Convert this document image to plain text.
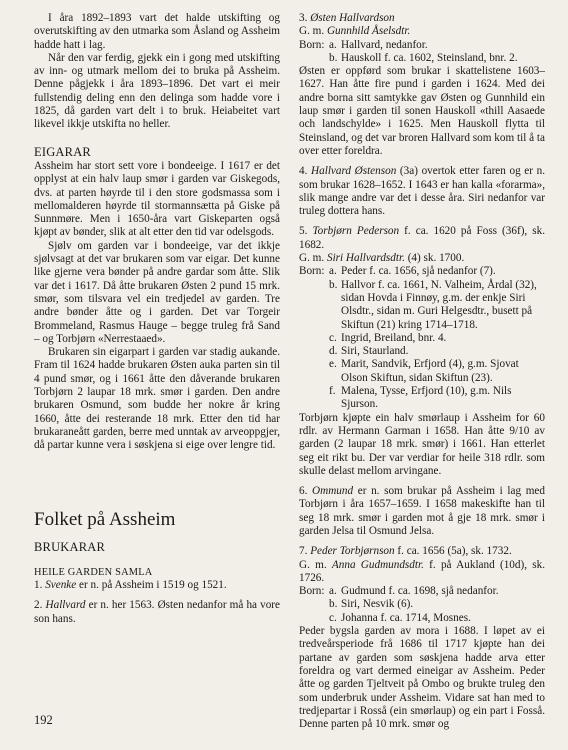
I åra 1892–1893 vart det halde utskifting og overutskifting av den utmarka som Åsland og Assheim hadde hatt i lag.

Når den var ferdig, gjekk ein i gong med utskifting av inn- og utmark mellom dei to bruka på Assheim. Denne pågjekk i åra 1893–1896. Det vart ei meir fullstendig deling enn den delinga som hadde vore i 1825, då garden vart delt i to bruk. Heiabeitet vart likevel ikkje utskifta no heller.

EIGARAR

Assheim har stort sett vore i bondeeige. I 1617 er det opplyst at ein halv laup smør i garden var Giskegods, dvs. at parten høyrde til i den store godsmassa som i mellomalderen høyrde til stormannsætta på Giske på Sunnmøre. Men i 1650-åra vart Giskeparten også kjøpt av bønder, slik at alt etter den tid var odelsgods.

Sjølv om garden var i bondeeige, var det ikkje sjølvsagt at det var brukaren som var eigar. Det kunne like gjerne vera bønder på andre gardar som åtte. Slik var det i 1617. Då åtte brukaren Østen 2 pund 15 mrk. smør, som tilsvara vel ein tredjedel av garden. Tre andre bønder åtte og i garden. Det var Torgeir Brommeland, Rasmus Hauge – begge truleg frå Sand – og Torbjørn «Nerrestaaed».

Brukaren sin eigarpart i garden var stadig aukande. Fram til 1624 hadde brukaren Østen auka parten sin til 4 pund smør, og i 1661 åtte den dåverande brukaren Torbjørn 2 laupar 18 mrk. smør i garden. Den andre brukaren Osmund, som budde her nokre år kring 1660, åtte dei resterande 18 mrk. Etter den tid har brukaraneått garden, berre med unntak av arveoppgjer, då partar kunne vera i søskjena si eige over lengre tid.

Folket på Assheim
BRUKARAR

HEILE GARDEN SAMLA

1. Svenke er n. på Assheim i 1519 og 1521.

2. Hallvard er n. her 1563. Østen nedanfor må ha vore son hans.

3. Østen Hallvardson

G. m. Gunnhild Åselsdtr.

Born: a. Hallvard, nedanfor.
b. Hauskoll f. ca. 1602, Steinsland, bnr. 2.

Østen er oppførd som brukar i skattelistene 1603–1627. Han åtte fire pund i garden i 1624. Med dei andre borna sitt samtykke gav Østen og Gunnhild ein laup smør i garden til sonen Hauskoll «thill Aasaede och landschylde» i 1625. Men Hauskoll flytta til Steinsland, og det var broren Hallvard som kom til å ta over etter foreldra.

4. Hallvard Østenson (3a) overtok etter faren og er n. som brukar 1628–1652. I 1643 er han kalla «forarma», slik mange andre var det i desse åra. Siri nedanfor var truleg dottera hans.

5. Torbjørn Pederson f. ca. 1620 på Foss (36f), sk. 1682.

G. m. Siri Hallvardsdtr. (4) sk. 1700.

Born: a. Peder f. ca. 1656, sjå nedanfor (7).
b. Hallvor f. ca. 1661, N. Valheim, Årdal (32), sidan Hovda i Finnøy, g.m. der enkje Siri Olsdtr., sidan m. Guri Helgesdtr., busett på Skiftun (21) kring 1714–1718.
c. Ingrid, Breiland, bnr. 4.
d. Siri, Staurland.
e. Marit, Sandvik, Erfjord (4), g.m. Sjovat Olson Skiftun, sidan Skiftun (23).
f. Malena, Tysse, Erfjord (10), g.m. Nils Sjurson.

Torbjørn kjøpte ein halv smørlaup i Assheim for 60 rdlr. av Hermann Garman i 1658. Han åtte 9/10 av garden (2 laupar 18 mrk. smør) i 1661. Han etterlet seg eit rikt bu. Der var verdiar for heile 318 rdlr. som skulle delast mellom arvingane.

6. Ommund er n. som brukar på Assheim i lag med Torbjørn i åra 1657–1659. I 1658 makeskifte han til seg 18 mrk. smør i garden mot å gje 18 mrk. smør i garden Jelsa til Osmund Jelsa.

7. Peder Torbjørnson f. ca. 1656 (5a), sk. 1732.

G. m. Anna Gudmundsdtr. f. på Aukland (10d), sk. 1726.

Born: a. Gudmund f. ca. 1698, sjå nedanfor.
b. Siri, Nesvik (6).
c. Johanna f. ca. 1714, Mosnes.

Peder bygsla garden av mora i 1688. I løpet av ei tredveårsperiode frå 1686 til 1717 kjøpte han dei partane av garden som søskjena hadde arva etter foreldra og vart dermed eineigar av Assheim. Peder åtte og garden Tjeltveit på Ombo og brukte truleg den som underbruk under Assheim. Vidare sat han med to tredjepartar i Rosså (ein smørlaup) og ein part i Fosså. Denne parten på 10 mrk. smør og

192
